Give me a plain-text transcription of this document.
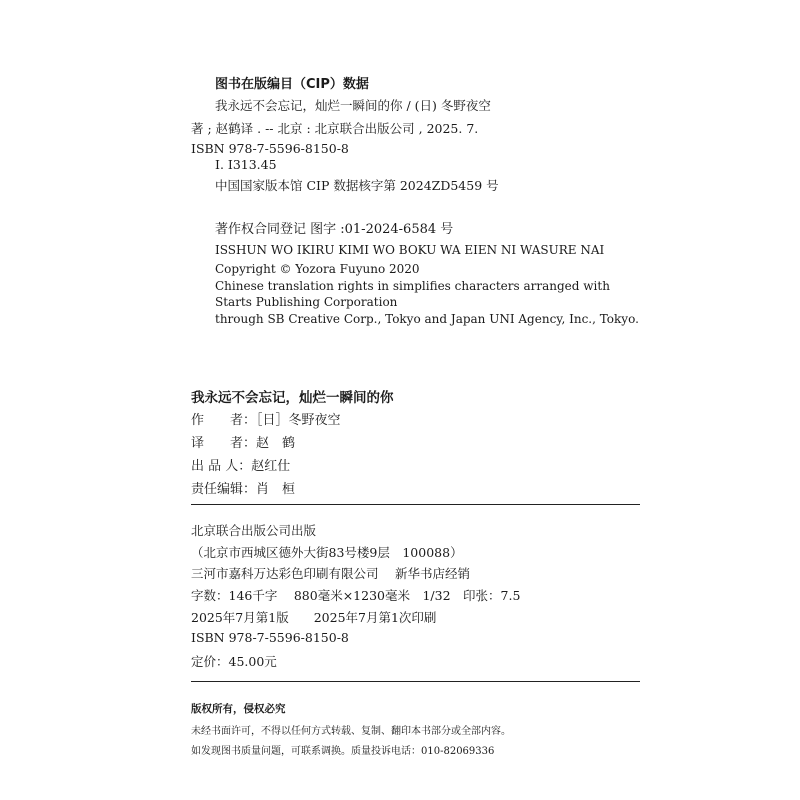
图书在版编目（CIP）数据
我永远不会忘记，灿烂一瞬间的你 / (日) 冬野夜空
著 ; 赵鹤译 . -- 北京 : 北京联合出版公司 , 2025. 7.
ISBN 978-7-5596-8150-8
Ⅰ. I313.45
中国国家版本馆 CIP 数据核字第 2024ZD5459 号
著作权合同登记 图字 :01-2024-6584 号
ISSHUN WO IKIRU KIMI WO BOKU WA EIEN NI WASURE NAI
Copyright © Yozora Fuyuno 2020
Chinese translation rights in simplifies characters arranged with
Starts Publishing Corporation
through SB Creative Corp., Tokyo and Japan UNI Agency, Inc., Tokyo.
我永远不会忘记，灿烂一瞬间的你
作　　者：［日］冬野夜空
译　　者：赵　鹤
出 品 人：赵红仕
责任编辑：肖　桓
北京联合出版公司出版
（北京市西城区德外大街83号楼9层　100088）
三河市嘉科万达彩色印刷有限公司　 新华书店经销
字数：146千字　 880毫米×1230毫米　1/32　印张：7.5
2025年7月第1版　　2025年7月第1次印刷
ISBN 978-7-5596-8150-8
定价：45.00元
版权所有，侵权必究
未经书面许可，不得以任何方式转载、复制、翻印本书部分或全部内容。
如发现图书质量问题，可联系调换。质量投诉电话：010-82069336
